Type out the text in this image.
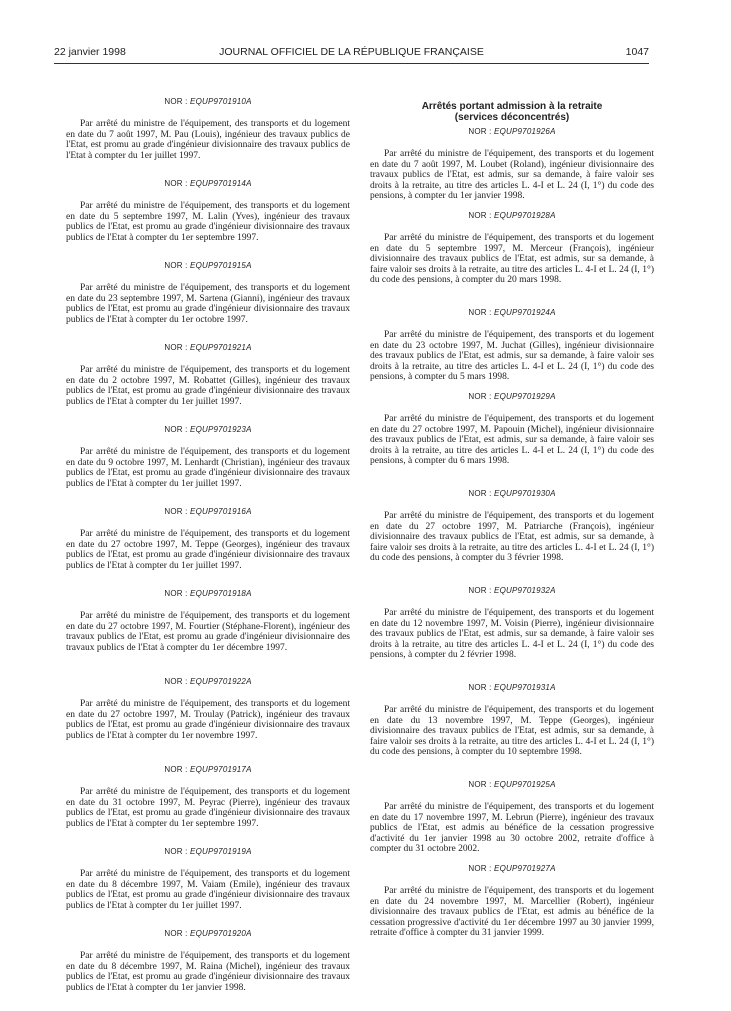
22 janvier 1998	JOURNAL OFFICIEL DE LA RÉPUBLIQUE FRANÇAISE	1047
NOR : EQUP9701910A

Par arrêté du ministre de l'équipement, des transports et du logement en date du 7 août 1997, M. Pau (Louis), ingénieur des travaux publics de l'Etat, est promu au grade d'ingénieur divisionnaire des travaux publics de l'Etat à compter du 1er juillet 1997.

NOR : EQUP9701914A

Par arrêté du ministre de l'équipement, des transports et du logement en date du 5 septembre 1997, M. Lalin (Yves), ingénieur des travaux publics de l'Etat, est promu au grade d'ingénieur divisionnaire des travaux publics de l'Etat à compter du 1er septembre 1997.

NOR : EQUP9701915A

Par arrêté du ministre de l'équipement, des transports et du logement en date du 23 septembre 1997, M. Sartena (Gianni), ingénieur des travaux publics de l'Etat, est promu au grade d'ingénieur divisionnaire des travaux publics de l'Etat à compter du 1er octobre 1997.

NOR : EQUP9701921A

Par arrêté du ministre de l'équipement, des transports et du logement en date du 2 octobre 1997, M. Robattet (Gilles), ingénieur des travaux publics de l'Etat, est promu au grade d'ingénieur divisionnaire des travaux publics de l'Etat à compter du 1er juillet 1997.

NOR : EQUP9701923A

Par arrêté du ministre de l'équipement, des transports et du logement en date du 9 octobre 1997, M. Lenhardt (Christian), ingénieur des travaux publics de l'Etat, est promu au grade d'ingénieur divisionnaire des travaux publics de l'Etat à compter du 1er juillet 1997.

NOR : EQUP9701916A

Par arrêté du ministre de l'équipement, des transports et du logement en date du 27 octobre 1997, M. Teppe (Georges), ingénieur des travaux publics de l'Etat, est promu au grade d'ingénieur divisionnaire des travaux publics de l'Etat à compter du 1er juillet 1997.

NOR : EQUP9701918A

Par arrêté du ministre de l'équipement, des transports et du logement en date du 27 octobre 1997, M. Fourtier (Stéphane-Florent), ingénieur des travaux publics de l'Etat, est promu au grade d'ingénieur divisionnaire des travaux publics de l'Etat à compter du 1er décembre 1997.

NOR : EQUP9701922A

Par arrêté du ministre de l'équipement, des transports et du logement en date du 27 octobre 1997, M. Troulay (Patrick), ingénieur des travaux publics de l'Etat, est promu au grade d'ingénieur divisionnaire des travaux publics de l'Etat à compter du 1er novembre 1997.

NOR : EQUP9701917A

Par arrêté du ministre de l'équipement, des transports et du logement en date du 31 octobre 1997, M. Peyrac (Pierre), ingénieur des travaux publics de l'Etat, est promu au grade d'ingénieur divisionnaire des travaux publics de l'Etat à compter du 1er septembre 1997.

NOR : EQUP9701919A

Par arrêté du ministre de l'équipement, des transports et du logement en date du 8 décembre 1997, M. Vaiam (Emile), ingénieur des travaux publics de l'Etat, est promu au grade d'ingénieur divisionnaire des travaux publics de l'Etat à compter du 1er juillet 1997.

NOR : EQUP9701920A

Par arrêté du ministre de l'équipement, des transports et du logement en date du 8 décembre 1997, M. Raina (Michel), ingénieur des travaux publics de l'Etat, est promu au grade d'ingénieur divisionnaire des travaux publics de l'Etat à compter du 1er janvier 1998.

Arrêtés portant admission à la retraite
(services déconcentrés)
NOR : EQUP9701926A

Par arrêté du ministre de l'équipement, des transports et du logement en date du 7 août 1997, M. Loubet (Roland), ingénieur divisionnaire des travaux publics de l'Etat, est admis, sur sa demande, à faire valoir ses droits à la retraite, au titre des articles L. 4-I et L. 24 (I, 1°) du code des pensions, à compter du 1er janvier 1998.

NOR : EQUP9701928A

Par arrêté du ministre de l'équipement, des transports et du logement en date du 5 septembre 1997, M. Merceur (François), ingénieur divisionnaire des travaux publics de l'Etat, est admis, sur sa demande, à faire valoir ses droits à la retraite, au titre des articles L. 4-I et L. 24 (I, 1°) du code des pensions, à compter du 20 mars 1998.

NOR : EQUP9701924A

Par arrêté du ministre de l'équipement, des transports et du logement en date du 23 octobre 1997, M. Juchat (Gilles), ingénieur divisionnaire des travaux publics de l'Etat, est admis, sur sa demande, à faire valoir ses droits à la retraite, au titre des articles L. 4-I et L. 24 (I, 1°) du code des pensions, à compter du 5 mars 1998.

NOR : EQUP9701929A

Par arrêté du ministre de l'équipement, des transports et du logement en date du 27 octobre 1997, M. Papouin (Michel), ingénieur divisionnaire des travaux publics de l'Etat, est admis, sur sa demande, à faire valoir ses droits à la retraite, au titre des articles L. 4-I et L. 24 (I, 1°) du code des pensions, à compter du 6 mars 1998.

NOR : EQUP9701930A

Par arrêté du ministre de l'équipement, des transports et du logement en date du 27 octobre 1997, M. Patriarche (François), ingénieur divisionnaire des travaux publics de l'Etat, est admis, sur sa demande, à faire valoir ses droits à la retraite, au titre des articles L. 4-I et L. 24 (I, 1°) du code des pensions, à compter du 3 février 1998.

NOR : EQUP9701932A

Par arrêté du ministre de l'équipement, des transports et du logement en date du 12 novembre 1997, M. Voisin (Pierre), ingénieur divisionnaire des travaux publics de l'Etat, est admis, sur sa demande, à faire valoir ses droits à la retraite, au titre des articles L. 4-I et L. 24 (I, 1°) du code des pensions, à compter du 2 février 1998.

NOR : EQUP9701931A

Par arrêté du ministre de l'équipement, des transports et du logement en date du 13 novembre 1997, M. Teppe (Georges), ingénieur divisionnaire des travaux publics de l'Etat, est admis, sur sa demande, à faire valoir ses droits à la retraite, au titre des articles L. 4-I et L. 24 (I, 1°) du code des pensions, à compter du 10 septembre 1998.

NOR : EQUP9701925A

Par arrêté du ministre de l'équipement, des transports et du logement en date du 17 novembre 1997, M. Lebrun (Pierre), ingénieur des travaux publics de l'Etat, est admis au bénéfice de la cessation progressive d'activité du 1er janvier 1998 au 30 octobre 2002, retraite d'office à compter du 31 octobre 2002.

NOR : EQUP9701927A

Par arrêté du ministre de l'équipement, des transports et du logement en date du 24 novembre 1997, M. Marcellier (Robert), ingénieur divisionnaire des travaux publics de l'Etat, est admis au bénéfice de la cessation progressive d'activité du 1er décembre 1997 au 30 janvier 1999, retraite d'office à compter du 31 janvier 1999.
